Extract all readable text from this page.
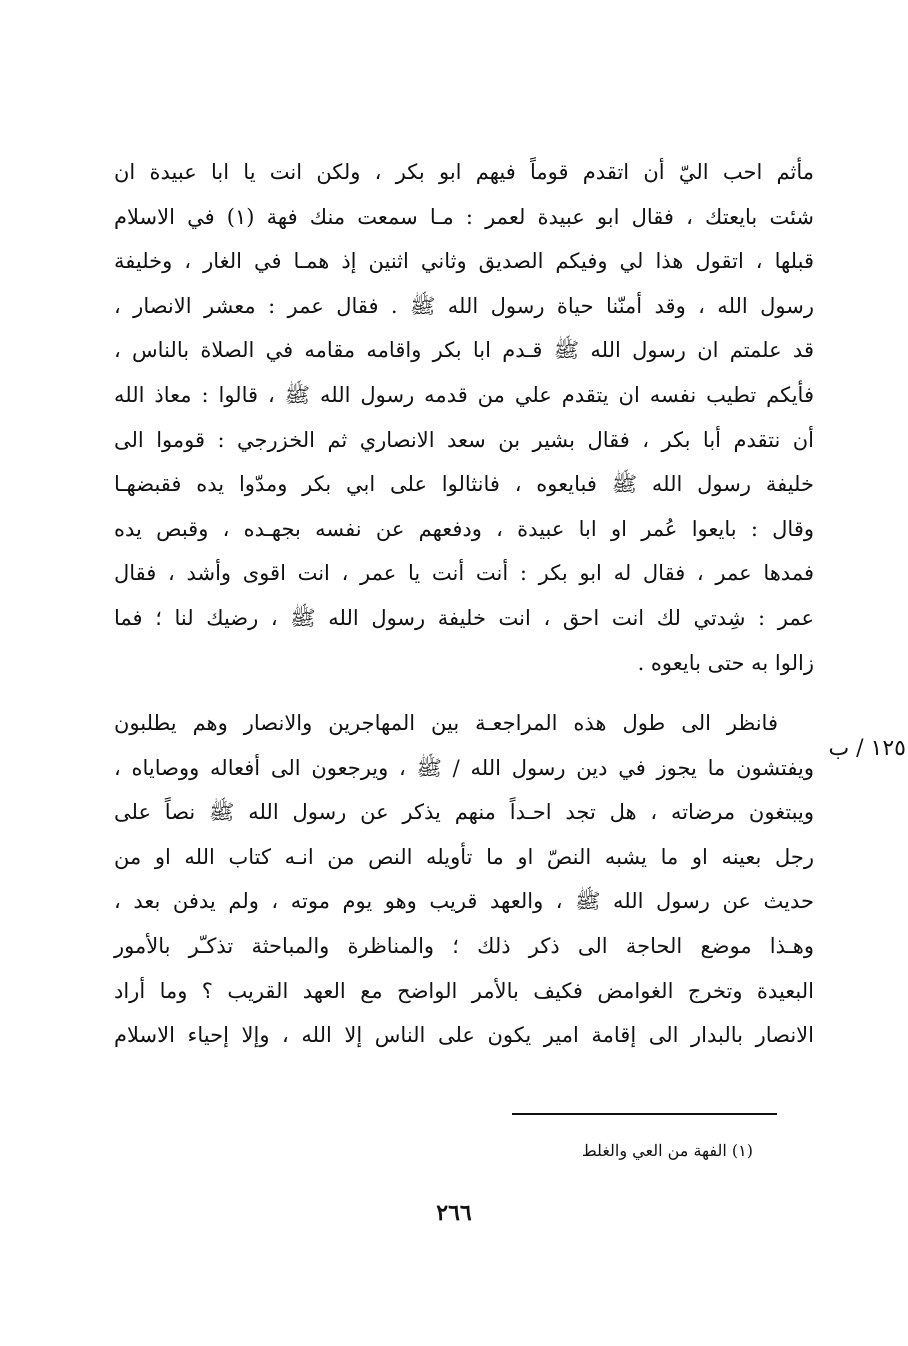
مأثم احب اليّ أن اتقدم قوماً فيهم ابو بكر ، ولكن انت يا ابا عبيدة ان
شئت بايعتك ، فقال ابو عبيدة لعمر : مـا سمعت منك فهة (١) في الاسلام
قبلها ، اتقول هذا لي وفيكم الصديق وثاني اثنين إذ همـا في الغار ، وخليفة
رسول الله ، وقد أمنّنا حياة رسول الله ﷺ . فقال عمر : معشر الانصار ،
قد علمتم ان رسول الله ﷺ قـدم ابا بكر واقامه مقامه في الصلاة بالناس ،
فأيكم تطيب نفسه ان يتقدم علي من قدمه رسول الله ﷺ ، قالوا : معاذ الله
أن نتقدم أبا بكر ، فقال بشير بن سعد الانصاري ثم الخزرجي : قوموا الى
خليفة رسول الله ﷺ فبايعوه ، فانثالوا على ابي بكر ومدّوا يده فقبضهـا
وقال : بايعوا عُمر او ابا عبيدة ، ودفعهم عن نفسه بجهـده ، وقبص يده
فمدها عمر ، فقال له ابو بكر : أنت أنت يا عمر ، انت اقوى وأشد ، فقال
عمر : شِدتي لك انت احق ، انت خليفة رسول الله ﷺ ، رضيك لنا ؛ فما
زالوا به حتى بايعوه .
فانظر الى طول هذه المراجعـة بين المهاجرين والانصار وهم يطلبون
ويفتشون ما يجوز في دين رسول الله / ﷺ ، ويرجعون الى أفعاله ووصاياه ،
ويبتغون مرضاته ، هل تجد احـداً منهم يذكر عن رسول الله ﷺ نصاً على
رجل بعينه او ما يشبه النصّ او ما تأويله النص من انـه كتاب الله او من
حديث عن رسول الله ﷺ ، والعهد قريب وهو يوم موته ، ولم يدفن بعد ،
وهـذا موضع الحاجة الى ذكر ذلك ؛ والمناظرة والمباحثة تذكـّر بالأمور
البعيدة وتخرج الغوامض فكيف بالأمر الواضح مع العهد القريب ؟ وما أراد
الانصار بالبدار الى إقامة امير يكون على الناس إلا الله ، وإلا إحياء الاسلام
١٢٥ / ب
(١) الفهة من العي والغلط
٢٦٦
